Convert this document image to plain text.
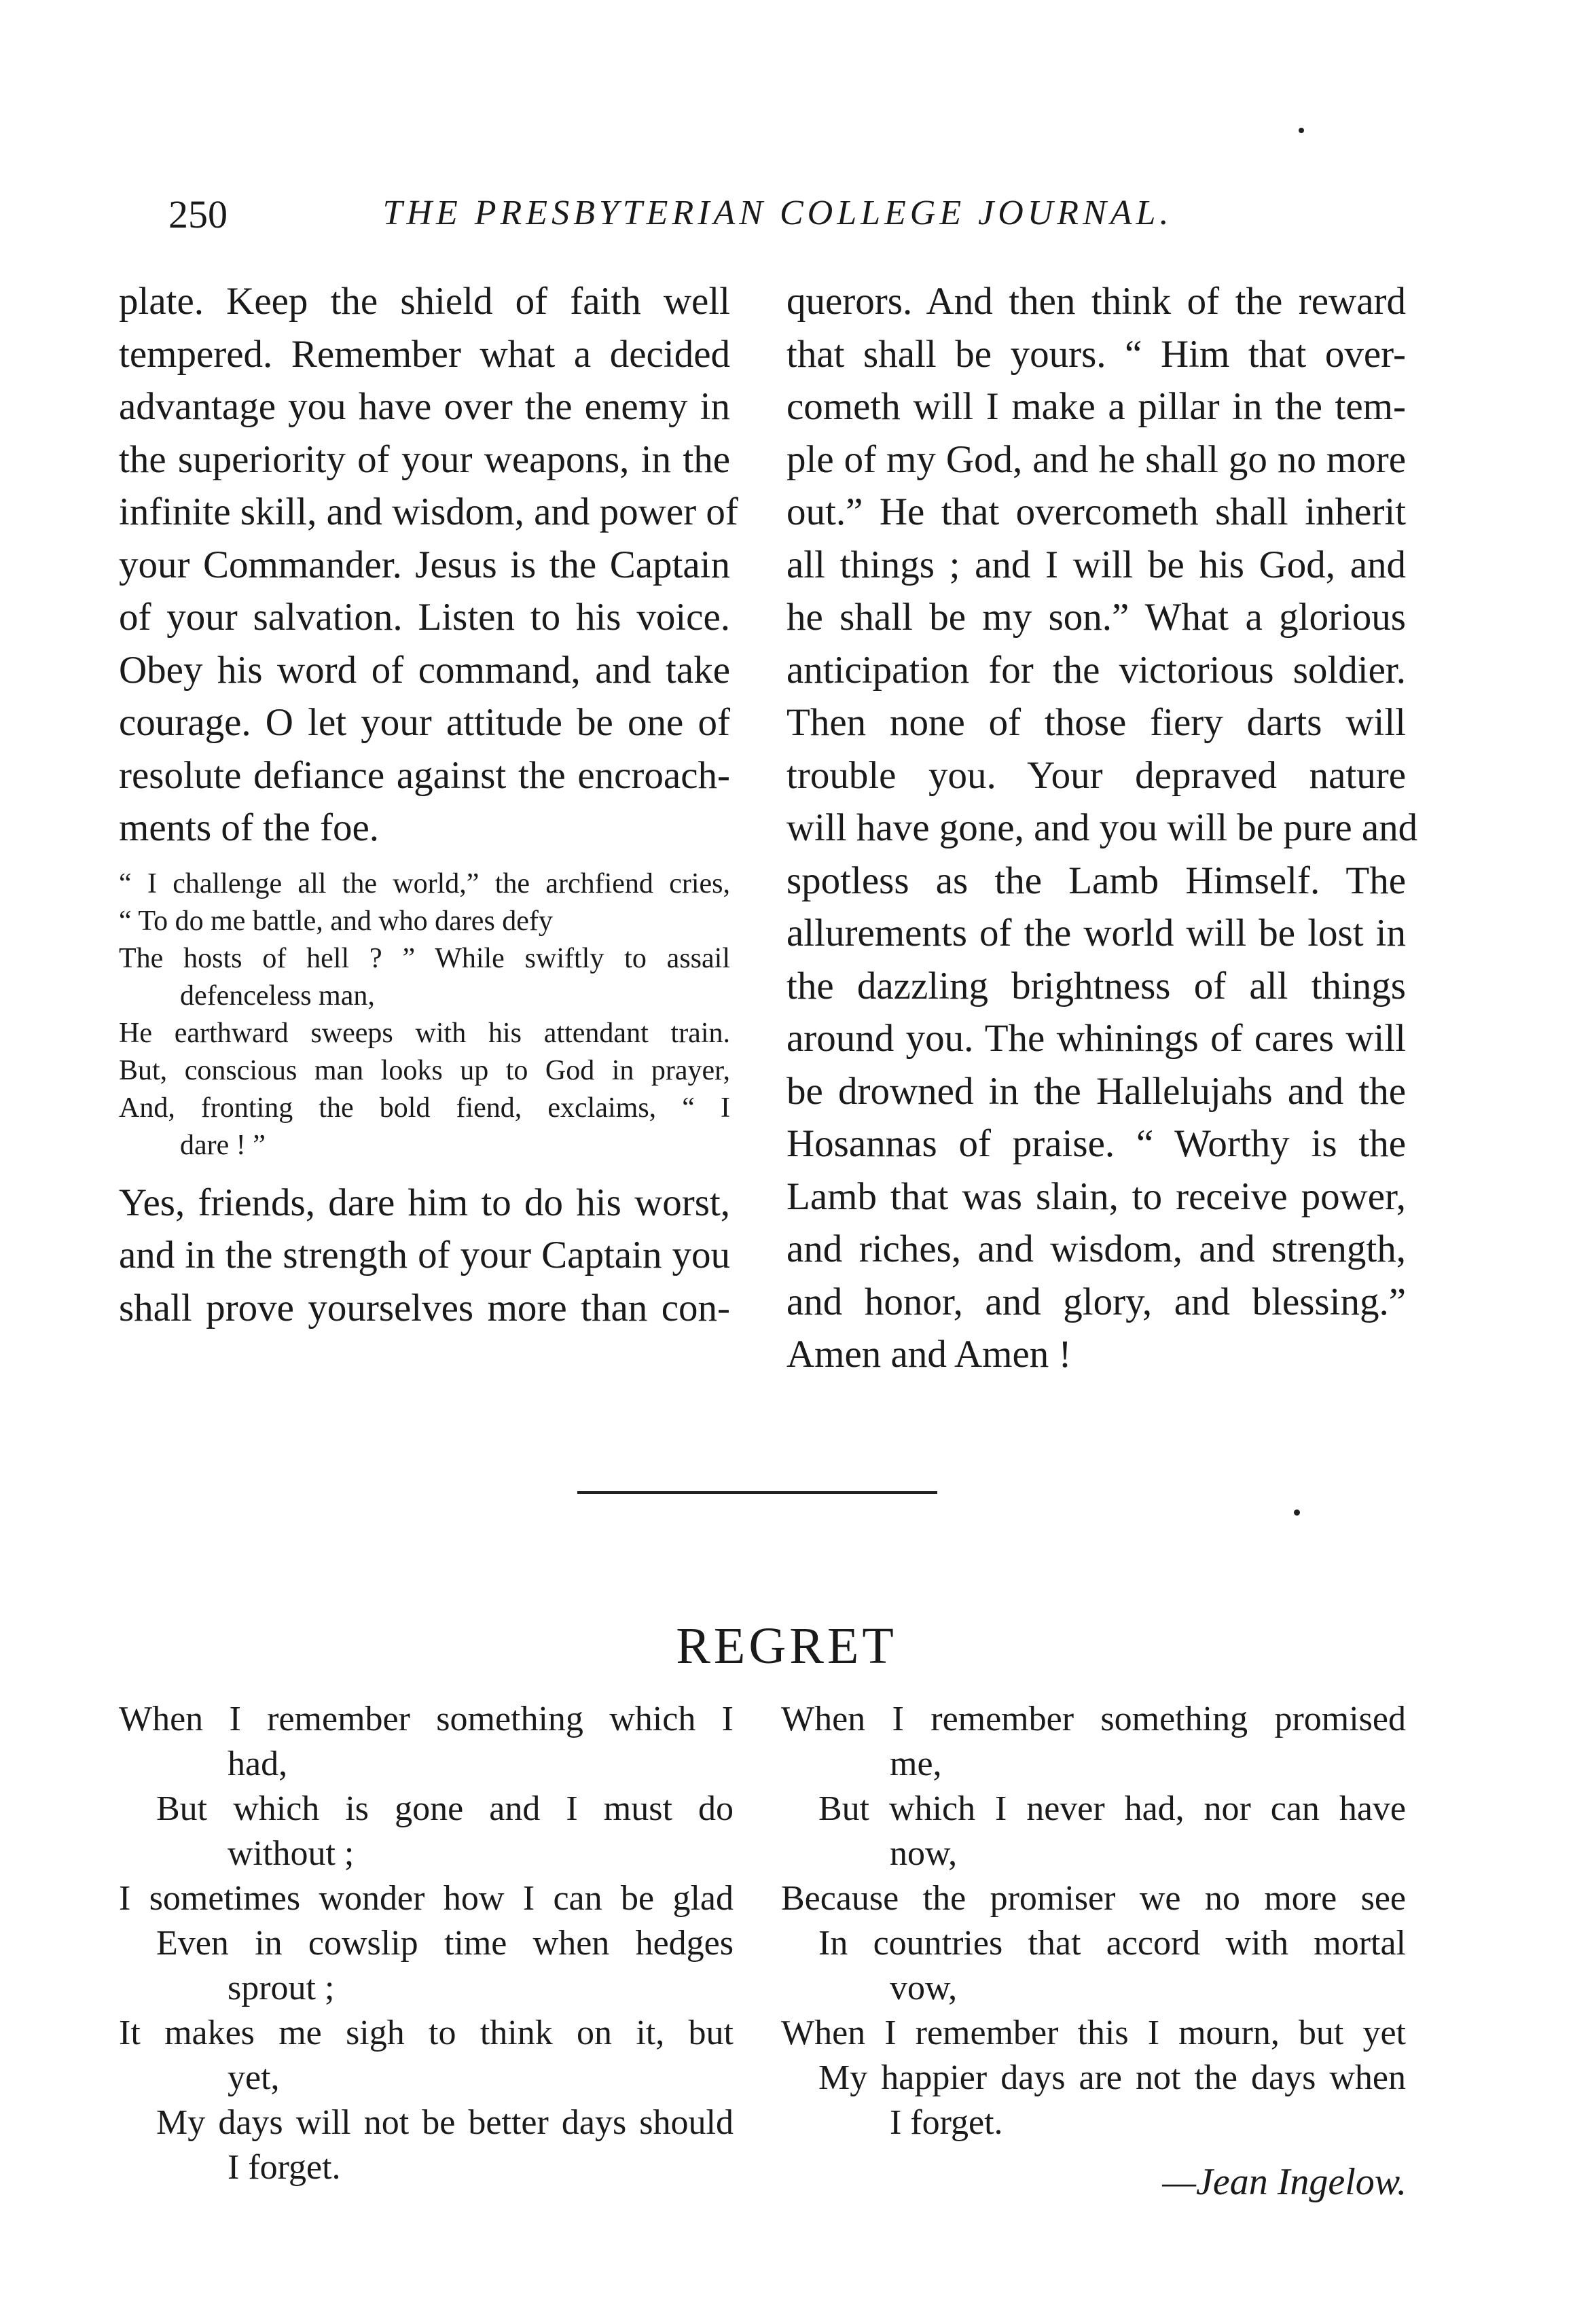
250	THE PRESBYTERIAN COLLEGE JOURNAL.
plate. Keep the shield of faith well
tempered. Remember what a decided
advantage you have over the enemy in
the superiority of your weapons, in the
infinite skill, and wisdom, and power of
your Commander. Jesus is the Captain
of your salvation. Listen to his voice.
Obey his word of command, and take
courage. O let your attitude be one of
resolute defiance against the encroach-
ments of the foe.
“ I challenge all the world,” the archfiend cries,
“ To do me battle, and who dares defy
The hosts of hell ? ” While swiftly to assail
defenceless man,
He earthward sweeps with his attendant train.
But, conscious man looks up to God in prayer,
And, fronting the bold fiend, exclaims, “ I
dare ! ”
Yes, friends, dare him to do his worst,
and in the strength of your Captain you
shall prove yourselves more than con-
querors. And then think of the reward
that shall be yours. “ Him that over-
cometh will I make a pillar in the tem-
ple of my God, and he shall go no more
out.” He that overcometh shall inherit
all things ; and I will be his God, and
he shall be my son.” What a glorious
anticipation for the victorious soldier.
Then none of those fiery darts will
trouble you. Your depraved nature
will have gone, and you will be pure and
spotless as the Lamb Himself. The
allurements of the world will be lost in
the dazzling brightness of all things
around you. The whinings of cares will
be drowned in the Hallelujahs and the
Hosannas of praise. “ Worthy is the
Lamb that was slain, to receive power,
and riches, and wisdom, and strength,
and honor, and glory, and blessing.”
Amen and Amen !
REGRET
When I remember something which I
had,
But which is gone and I must do
without ;
I sometimes wonder how I can be glad
Even in cowslip time when hedges
sprout ;
It makes me sigh to think on it, but
yet,
My days will not be better days should
I forget.
When I remember something promised
me,
But which I never had, nor can have
now,
Because the promiser we no more see
In countries that accord with mortal
vow,
When I remember this I mourn, but yet
My happier days are not the days when
I forget.
—Jean Ingelow.
